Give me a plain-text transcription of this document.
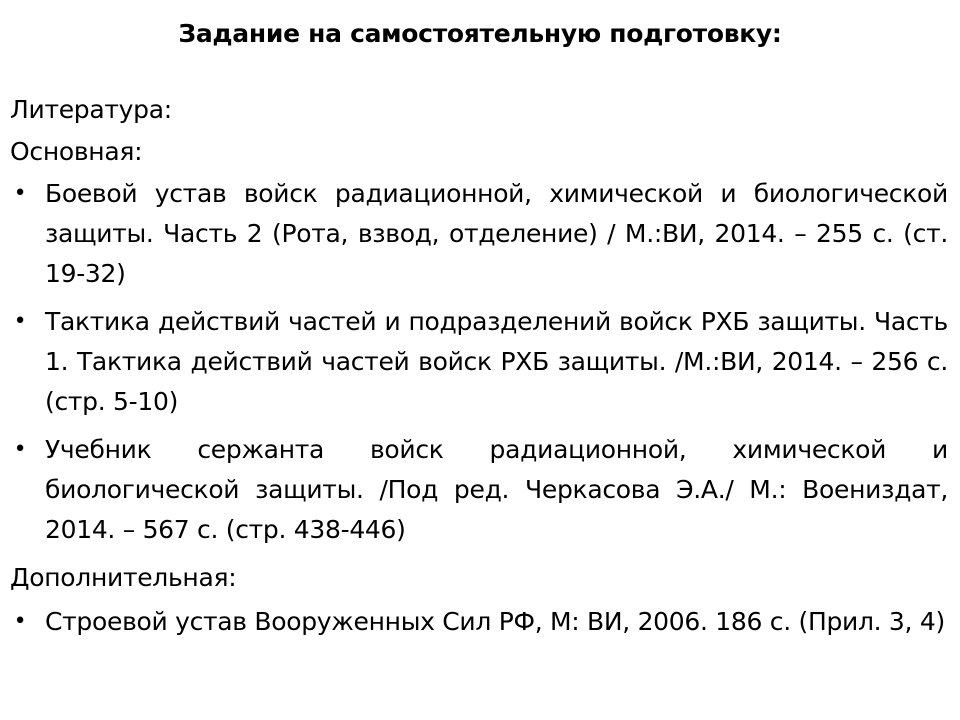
Задание на самостоятельную подготовку:
Литература:
Основная:
• Боевой устав войск радиационной, химической и биологической защиты. Часть 2 (Рота, взвод, отделение) / М.:ВИ, 2014. – 255 с. (ст. 19-32)
• Тактика действий частей и подразделений войск РХБ защиты. Часть 1. Тактика действий частей войск РХБ защиты. /М.:ВИ, 2014. – 256 с. (стр. 5-10)
• Учебник сержанта войск радиационной, химической и биологической защиты. /Под ред. Черкасова Э.А./ М.: Воениздат, 2014. – 567 с. (стр. 438-446)
Дополнительная:
• Строевой устав Вооруженных Сил РФ, М: ВИ, 2006. 186 с. (Прил. 3, 4)
